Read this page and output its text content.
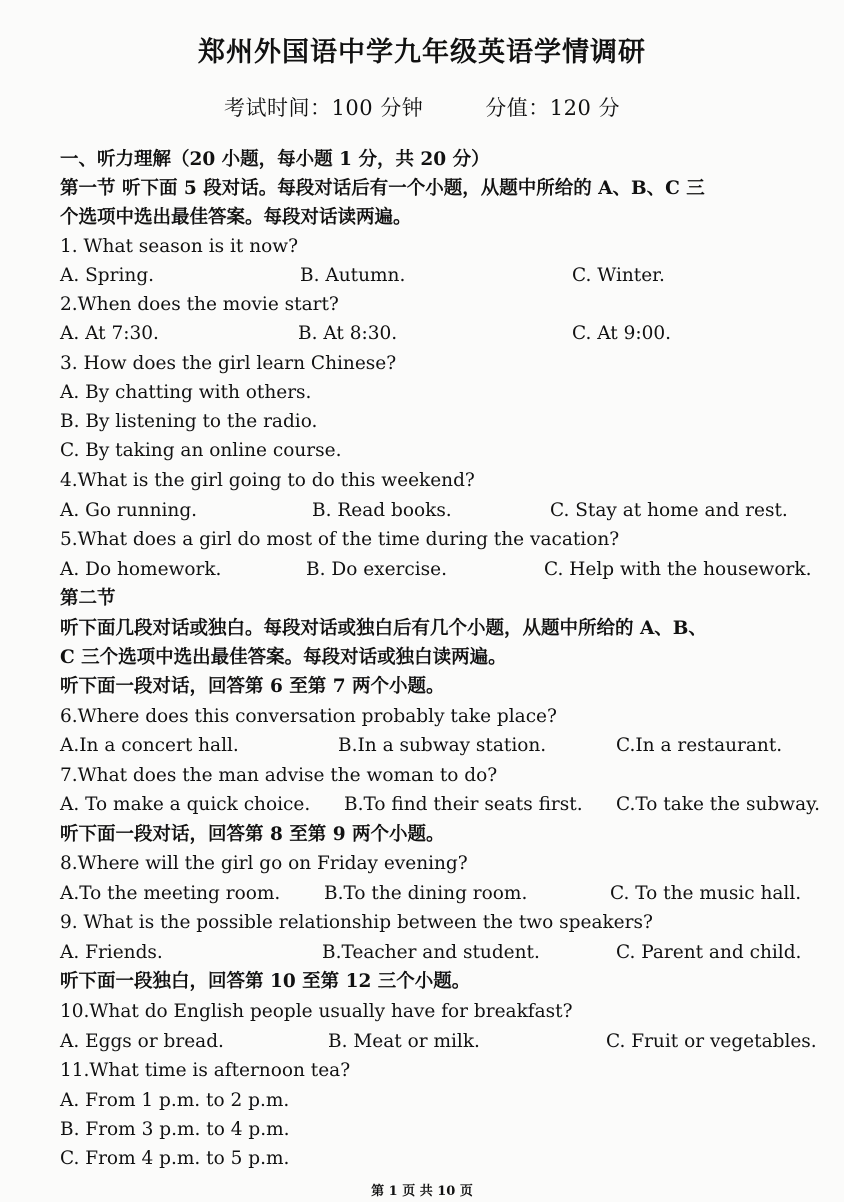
郑州外国语中学九年级英语学情调研
考试时间：100 分钟	分值：120 分
一、听力理解（20 小题，每小题 1 分，共 20 分）
第一节 听下面 5 段对话。每段对话后有一个小题，从题中所给的 A、B、C 三
个选项中选出最佳答案。每段对话读两遍。
1. What season is it now?
A. Spring.	B. Autumn.	C. Winter.
2.When does the movie start?
A. At 7:30.	B. At 8:30.	C. At 9:00.
3. How does the girl learn Chinese?
A. By chatting with others.
B. By listening to the radio.
C. By taking an online course.
4.What is the girl going to do this weekend?
A. Go running.	B. Read books.	C. Stay at home and rest.
5.What does a girl do most of the time during the vacation?
A. Do homework.	B. Do exercise.	C. Help with the housework.
第二节
听下面几段对话或独白。每段对话或独白后有几个小题，从题中所给的 A、B、
C 三个选项中选出最佳答案。每段对话或独白读两遍。
听下面一段对话，回答第 6 至第 7 两个小题。
6.Where does this conversation probably take place?
A.In a concert hall.	B.In a subway station.	C.In a restaurant.
7.What does the man advise the woman to do?
A. To make a quick choice. B.To find their seats first. C.To take the subway.
听下面一段对话，回答第 8 至第 9 两个小题。
8.Where will the girl go on Friday evening?
A.To the meeting room. B.To the dining room.	C. To the music hall.
9. What is the possible relationship between the two speakers?
A. Friends.	B.Teacher and student.	C. Parent and child.
听下面一段独白，回答第 10 至第 12 三个小题。
10.What do English people usually have for breakfast?
A. Eggs or bread.	B. Meat or milk.	C. Fruit or vegetables.
11.What time is afternoon tea?
A. From 1 p.m. to 2 p.m.
B. From 3 p.m. to 4 p.m.
C. From 4 p.m. to 5 p.m.
第 1 页 共 10 页
